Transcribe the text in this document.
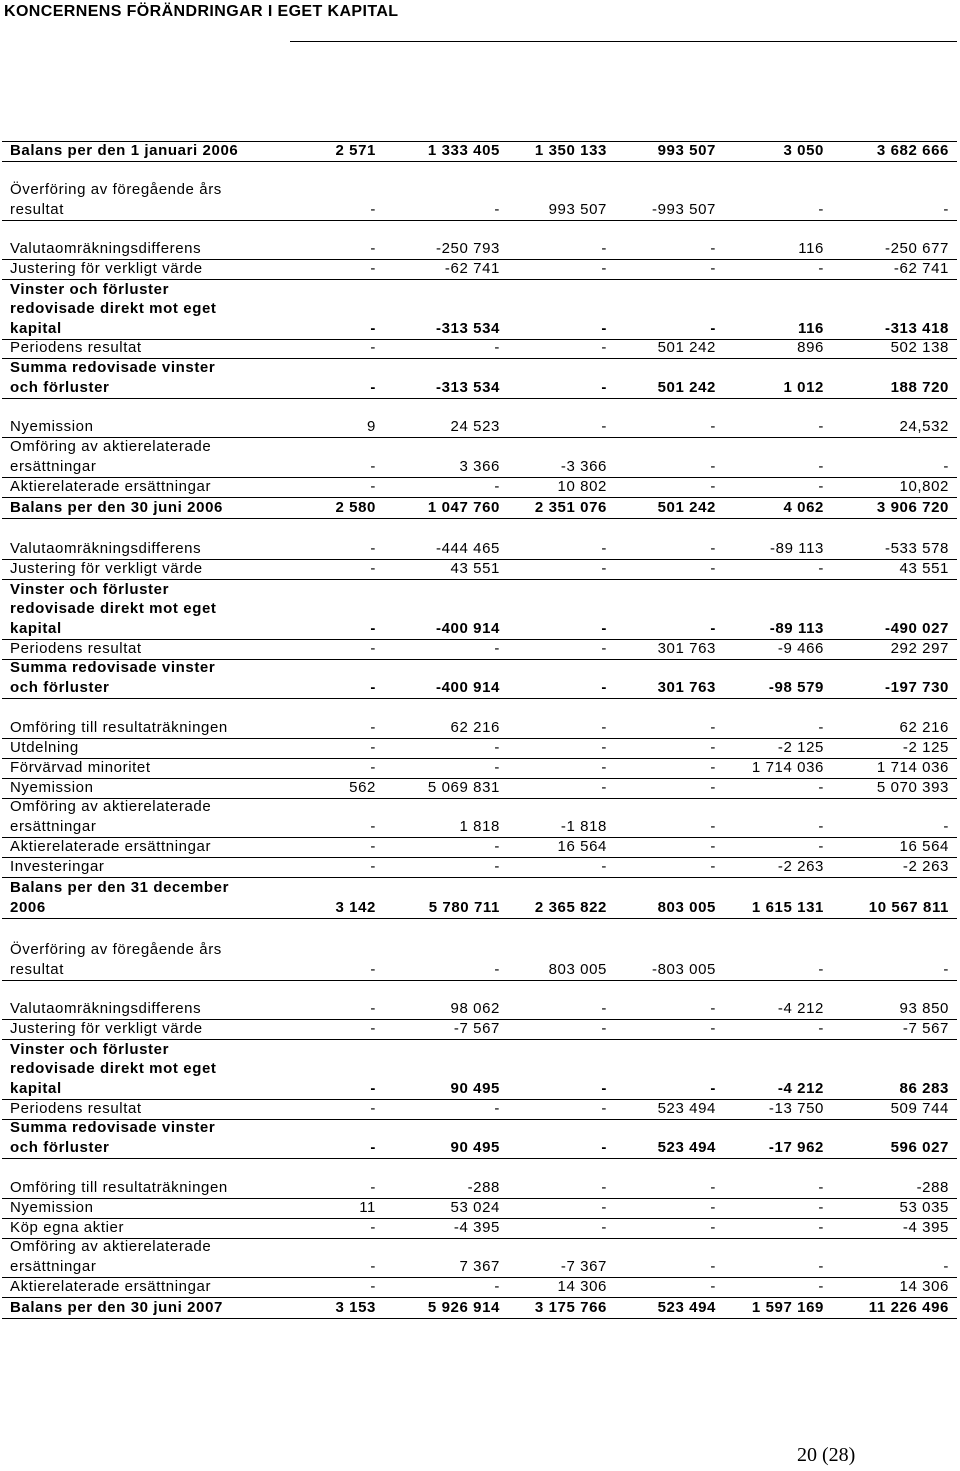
KONCERNENS FÖRÄNDRINGAR I EGET KAPITAL
Balans per den 1 januari 2006	2 571	1 333 405	1 350 133	993 507	3 050	3 682 666
Överföring av föregående års
resultat	-	-	993 507	-993 507	-	-
Valutaomräkningsdifferens	-	-250 793	-	-	116	-250 677
Justering för verkligt värde	-	-62 741	-	-	-	-62 741
Vinster och förluster
redovisade direkt mot eget
kapital	-	-313 534	-	-	116	-313 418
Periodens resultat	-	-	-	501 242	896	502 138
Summa redovisade vinster
och förluster	-	-313 534	-	501 242	1 012	188 720
Nyemission	9	24 523	-	-	-	24,532
Omföring av aktierelaterade
ersättningar	-	3 366	-3 366	-	-	-
Aktierelaterade ersättningar	-	-	10 802	-	-	10,802
Balans per den 30 juni 2006	2 580	1 047 760	2 351 076	501 242	4 062	3 906 720
Valutaomräkningsdifferens	-	-444 465	-	-	-89 113	-533 578
Justering för verkligt värde	-	43 551	-	-	-	43 551
Vinster och förluster
redovisade direkt mot eget
kapital	-	-400 914	-	-	-89 113	-490 027
Periodens resultat	-	-	-	301 763	-9 466	292 297
Summa redovisade vinster
och förluster	-	-400 914	-	301 763	-98 579	-197 730
Omföring till resultaträkningen	-	62 216	-	-	-	62 216
Utdelning	-	-	-	-	-2 125	-2 125
Förvärvad minoritet	-	-	-	-	1 714 036	1 714 036
Nyemission	562	5 069 831	-	-	-	5 070 393
Omföring av aktierelaterade
ersättningar	-	1 818	-1 818	-	-	-
Aktierelaterade ersättningar	-	-	16 564	-	-	16 564
Investeringar	-	-	-	-	-2 263	-2 263
Balans per den 31 december
2006	3 142	5 780 711	2 365 822	803 005	1 615 131	10 567 811
Överföring av föregående års
resultat	-	-	803 005	-803 005	-	-
Valutaomräkningsdifferens	-	98 062	-	-	-4 212	93 850
Justering för verkligt värde	-	-7 567	-	-	-	-7 567
Vinster och förluster
redovisade direkt mot eget
kapital	-	90 495	-	-	-4 212	86 283
Periodens resultat	-	-	-	523 494	-13 750	509 744
Summa redovisade vinster
och förluster	-	90 495	-	523 494	-17 962	596 027
Omföring till resultaträkningen	-	-288	-	-	-	-288
Nyemission	11	53 024	-	-	-	53 035
Köp egna aktier	-	-4 395	-	-	-	-4 395
Omföring av aktierelaterade
ersättningar	-	7 367	-7 367	-	-	-
Aktierelaterade ersättningar	-	-	14 306	-	-	14 306
Balans per den 30 juni 2007	3 153	5 926 914	3 175 766	523 494	1 597 169	11 226 496
20 (28)
